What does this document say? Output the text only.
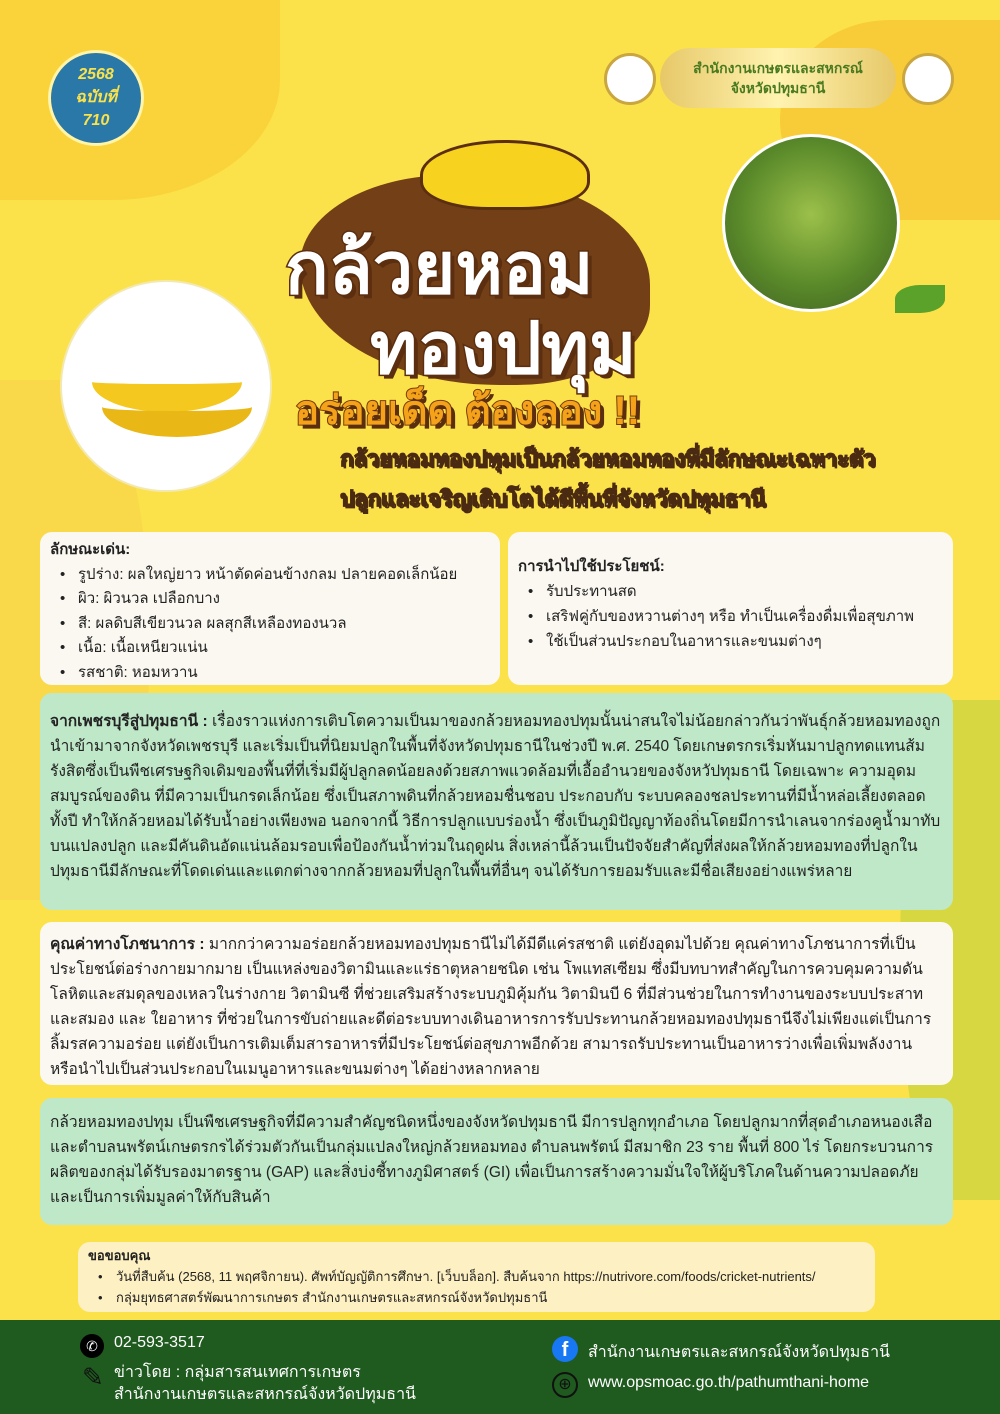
2568
ฉบับที่
710
สำนักงานเกษตรและสหกรณ์
จังหวัดปทุมธานี
กล้วยหอม
ทองปทุม
อร่อยเด็ด ต้องลอง !!
กล้วยหอมทองปทุมเป็นกล้วยหอมทองที่มีลักษณะเฉพาะตัว
ปลูกและเจริญเติบโตได้ดีพื้นที่จังหวัดปทุมธานี
ลักษณะเด่น:
• รูปร่าง: ผลใหญ่ยาว หน้าตัดค่อนข้างกลม ปลายคอดเล็กน้อย
• ผิว: ผิวนวล เปลือกบาง
• สี: ผลดิบสีเขียวนวล ผลสุกสีเหลืองทองนวล
• เนื้อ: เนื้อเหนียวแน่น
• รสชาติ: หอมหวาน
การนำไปใช้ประโยชน์:
• รับประทานสด
• เสริฟคู่กับของหวานต่างๆ หรือ ทำเป็นเครื่องดื่มเพื่อสุขภาพ
• ใช้เป็นส่วนประกอบในอาหารและขนมต่างๆ
จากเพชรบุรีสู่ปทุมธานี : เรื่องราวแห่งการเติบโตความเป็นมาของกล้วยหอมทองปทุมนั้นน่าสนใจไม่น้อยกล่าวกันว่าพันธุ์กล้วยหอมทองถูกนำเข้ามาจากจังหวัดเพชรบุรี และเริ่มเป็นที่นิยมปลูกในพื้นที่จังหวัดปทุมธานีในช่วงปี พ.ศ. 2540 โดยเกษตรกรเริ่มหันมาปลูกทดแทนส้มรังสิตซึ่งเป็นพืชเศรษฐกิจเดิมของพื้นที่ที่เริ่มมีผู้ปลูกลดน้อยลงด้วยสภาพแวดล้อมที่เอื้ออำนวยของจังหวัปทุมธานี โดยเฉพาะ ความอุดมสมบูรณ์ของดิน ที่มีความเป็นกรดเล็กน้อย ซึ่งเป็นสภาพดินที่กล้วยหอมชื่นชอบ ประกอบกับ ระบบคลองชลประทานที่มีน้ำหล่อเลี้ยงตลอดทั้งปี ทำให้กล้วยหอมได้รับน้ำอย่างเพียงพอ นอกจากนี้ วิธีการปลูกแบบร่องน้ำ ซึ่งเป็นภูมิปัญญาท้องถิ่นโดยมีการนำเลนจากร่องคูน้ำมาทับบนแปลงปลูก และมีคันดินอัดแน่นล้อมรอบเพื่อป้องกันน้ำท่วมในฤดูฝน สิ่งเหล่านี้ล้วนเป็นปัจจัยสำคัญที่ส่งผลให้กล้วยหอมทองที่ปลูกในปทุมธานีมีลักษณะที่โดดเด่นและแตกต่างจากกล้วยหอมที่ปลูกในพื้นที่อื่นๆ จนได้รับการยอมรับและมีชื่อเสียงอย่างแพร่หลาย
คุณค่าทางโภชนาการ : มากกว่าความอร่อยกล้วยหอมทองปทุมธานีไม่ได้มีดีแค่รสชาติ แต่ยังอุดมไปด้วย คุณค่าทางโภชนาการที่เป็นประโยชน์ต่อร่างกายมากมาย เป็นแหล่งของวิตามินและแร่ธาตุหลายชนิด เช่น โพแทสเซียม ซึ่งมีบทบาทสำคัญในการควบคุมความดันโลหิตและสมดุลของเหลวในร่างกาย วิตามินซี ที่ช่วยเสริมสร้างระบบภูมิคุ้มกัน วิตามินบี 6 ที่มีส่วนช่วยในการทำงานของระบบประสาทและสมอง และ ใยอาหาร ที่ช่วยในการขับถ่ายและดีต่อระบบทางเดินอาหารการรับประทานกล้วยหอมทองปทุมธานีจึงไม่เพียงแต่เป็นการลิ้มรสความอร่อย แต่ยังเป็นการเติมเต็มสารอาหารที่มีประโยชน์ต่อสุขภาพอีกด้วย สามารถรับประทานเป็นอาหารว่างเพื่อเพิ่มพลังงาน หรือนำไปเป็นส่วนประกอบในเมนูอาหารและขนมต่างๆ ได้อย่างหลากหลาย
กล้วยหอมทองปทุม เป็นพืชเศรษฐกิจที่มีความสำคัญชนิดหนึ่งของจังหวัดปทุมธานี มีการปลูกทุกอำเภอ โดยปลูกมากที่สุดอำเภอหนองเสือ และตำบลนพรัตน์เกษตรกรได้ร่วมตัวกันเป็นกลุ่มแปลงใหญ่กล้วยหอมทอง ตำบลนพรัตน์ มีสมาชิก 23 ราย พื้นที่ 800 ไร่ โดยกระบวนการผลิตของกลุ่มได้รับรองมาตรฐาน (GAP) และสิ่งบ่งชี้ทางภูมิศาสตร์ (GI) เพื่อเป็นการสร้างความมั่นใจให้ผู้บริโภคในด้านความปลอดภัย และเป็นการเพิ่มมูลค่าให้กับสินค้า
ขอขอบคุณ
• วันที่สืบค้น (2568, 11 พฤศจิกายน). ศัพท์บัญญัติการศึกษา. [เว็บบล็อก]. สืบค้นจาก https://nutrivore.com/foods/cricket-nutrients/
• กลุ่มยุทธศาสตร์พัฒนาการเกษตร สำนักงานเกษตรและสหกรณ์จังหวัดปทุมธานี
✆	02-593-3517
✎ ข่าวโดย : กลุ่มสารสนเทศการเกษตร
สำนักงานเกษตรและสหกรณ์จังหวัดปทุมธานี
f	สำนักงานเกษตรและสหกรณ์จังหวัดปทุมธานี
⊕	www.opsmoac.go.th/pathumthani-home
